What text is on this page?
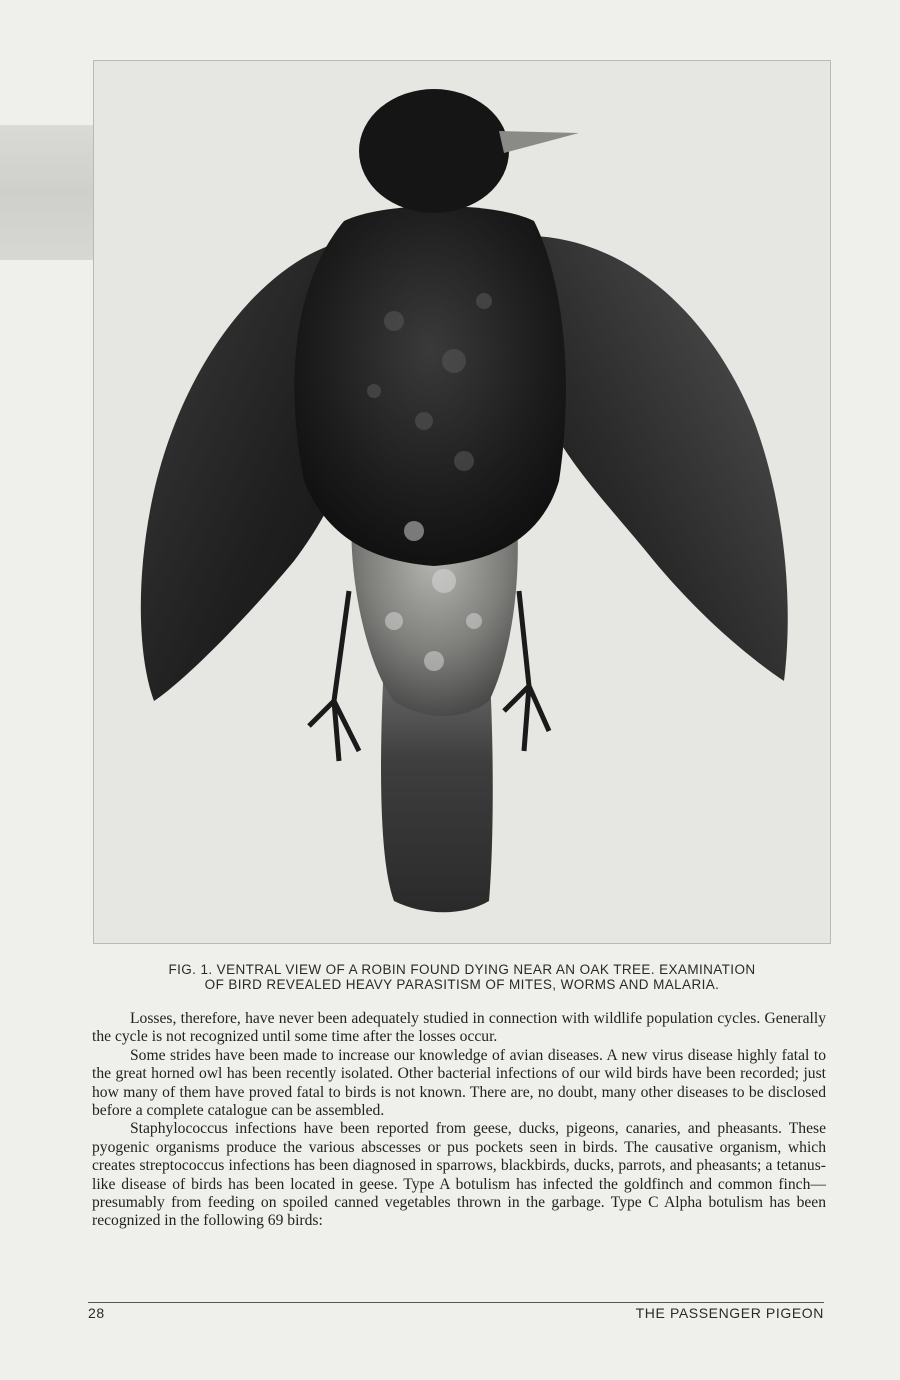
FIG. 1. VENTRAL VIEW OF A ROBIN FOUND DYING NEAR AN OAK TREE. EXAMINATION
OF BIRD REVEALED HEAVY PARASITISM OF MITES, WORMS AND MALARIA.

Losses, therefore, have never been adequately studied in connection with wildlife population cycles. Generally the cycle is not recognized until some time after the losses occur.

Some strides have been made to increase our knowledge of avian diseases. A new virus disease highly fatal to the great horned owl has been recently isolated. Other bacterial infections of our wild birds have been recorded; just how many of them have proved fatal to birds is not known. There are, no doubt, many other diseases to be disclosed before a complete catalogue can be assembled.

Staphylococcus infections have been reported from geese, ducks, pigeons, canaries, and pheasants. These pyogenic organisms produce the various abscesses or pus pockets seen in birds. The causative organism, which creates streptococcus infections has been diagnosed in sparrows, blackbirds, ducks, parrots, and pheasants; a tetanus-like disease of birds has been located in geese. Type A botulism has infected the goldfinch and common finch—presumably from feeding on spoiled canned vegetables thrown in the garbage. Type C Alpha botulism has been recognized in the following 69 birds:

28	THE PASSENGER PIGEON
